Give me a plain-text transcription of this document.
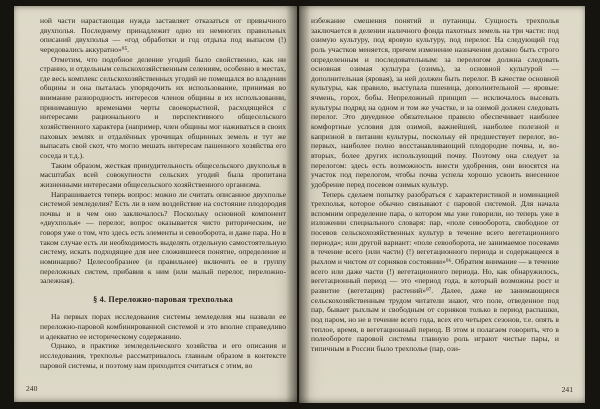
ной части нарастающая нужда заставляет отказаться от привычного двухполья. Последнему принадлежит одно из немногих правильных описаний двухполья — «год обработки и год отдыха под выпасом (!) чередовались аккуратно»⁹⁵.

Отметим, что подобное деление угодий было свойственно, как ни странно, и отдельным сельскохозяйственным селениям, особенно в местах, где весь комплекс сельскохозяйственных угодий не помещался во владении общины и она пыталась упорядочить их использование, принимая во внимание разнородность интересов членов общины в их использовании, принимавшую временами черты своекорыстной, расходящейся с интересами рационального и перспективного общесельского хозяйственного характера (например, член общины мог наживаться в своих паховых землях и отдалённых урочищах общинных земель и тут же выпасать свой скот, что могло мешать интересам пашенного хозяйства его соседа и т.д.).

Таким образом, жесткая принудительность общесельского двухполья в масштабах всей совокупности сельских угодий была пропитана жизненными интересами общесельского хозяйственного организма.

Напрашивается теперь вопрос: можно ли считать описанное двухполье системой земледелия? Есть ли в нем воздействие на состояние плодородия почвы и в чем оно заключалось? Поскольку основной компонент «двухполья» — перелог, вопрос оказывается чисто риторическим, не говоря уже о том, что здесь есть элементы и севооборота, и даже пара. Но в таком случае есть ли необходимость выделять отдельную самостоятельную систему, искать подходящее для нее сложившееся понятие, определение и номинацию? Целесообразнее (и правильнее) включить ее в группу переложных систем, прибавив к ним (или малый перелог, переложно-залежная).

§ 4. Переложно-паровая трехполька

На первых порах исследования системы земледелия мы назвали ее переложно-паровой комбинированной системой и это вполне справедливо и адекватно ее историческому содержанию.

Однако, в практике земледельческого хозяйства и его описания и исследования, трехполье рассматривалось главным образом в контексте паровой системы, и поэтому нам приходится считаться с этим, во

240

избежание смешения понятий и путаницы. Сущность трехполья заключается в делении наличного фонда пахотных земель на три части: под озимую культуру, под яровую культуру, под перелог. На следующий год роль участков меняется, причем изменение назначения должно быть строго определенным и последовательным: за перелогом должна следовать основная озимая культура (озимь), за основной культурой — дополнительная (яровая), за ней должен быть перелог. В качестве основной культуры, как правило, выступала пшеница, дополнительной — яровые: ячмень, горох, бобы. Непреложный принцип — исключалось высевать культуры подряд на одном и том же участке, и за озимой должен следовать перелог. Это двуединое обязательное правило обеспечивает наиболее комфортные условия для озимой, важнейшей, наиболее полезной и капризной в питании культуры, поскольку ей предшествует перелог, во-первых, наиболее полно восстанавливающий плодородие почвы, и, во-вторых, более других использующий почву. Поэтому она следует за перелогом: здесь есть возможность внести удобрения, они вносятся на участок под перелогом, чтобы почва успела хорошо усвоить внесенное удобрение перед посевом озимых культур.

Теперь сделаем попытку разобраться с характеристикой и номинацией трехполья, которое обычно связывают с паровой системой. Для начала вспомним определение пара, о котором мы уже говорили, но теперь уже в изложении специального словаря: пар, «поле севооборота, свободное от посевов сельскохозяйственных культур в течение всего вегетационного периода»; или другой вариант: «поле севооборота, не занимаемое посевами в течение всего (или части) (!) вегетационного периода и содержащееся в рыхлом и чистом от сорняков состоянии»⁹⁶. Обратим внимание — в течение всего или даже части (!) вегетационного периода. Но, как обнаружилось, вегетационный период — это «период года, в который возможны рост и развитие (вегетация) растений»⁹⁷. Далее, даже не занимающиеся сельскохозяйственным трудом читатели знают, что поле, отведенное под пар, бывает рыхлым и свободным от сорняков только в период распашки, под паром, но не в течение всего года, всех его четырех сезонов, т.е. опять в теплое, время, в вегетационный период. В этом и полагаем говорить, что в полеобороте паровой системы главную роль играют чистые пары, и типичным в России было трехполье (пар, ози-

241
